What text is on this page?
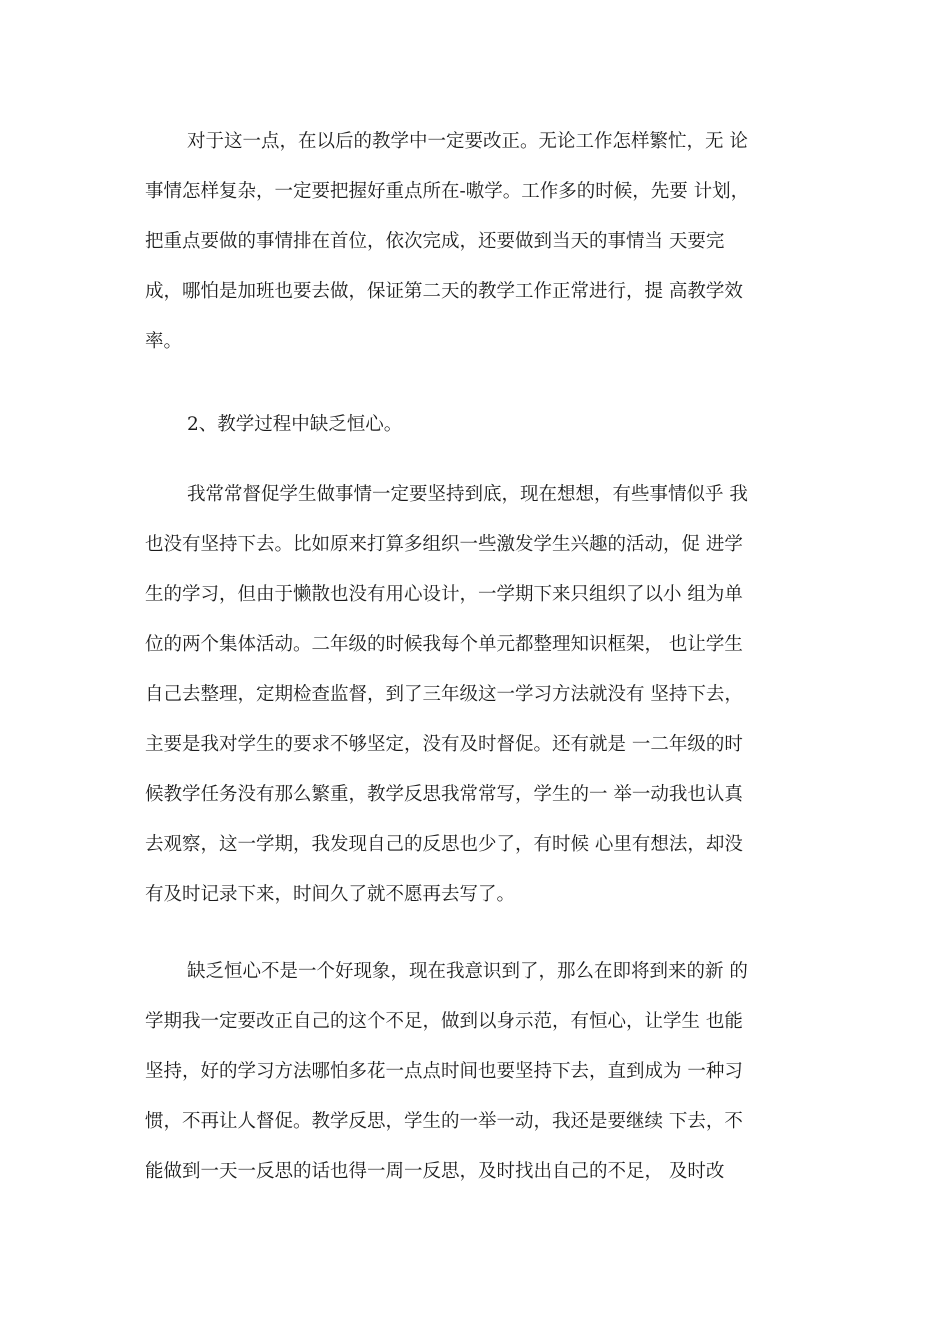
对于这一点，在以后的教学中一定要改正。无论工作怎样繁忙，无 论
事情怎样复杂，一定要把握好重点所在-嗷学。工作多的时候，先要 计划，
把重点要做的事情排在首位，依次完成，还要做到当天的事情当 天要完
成，哪怕是加班也要去做，保证第二天的教学工作正常进行，提 高教学效
率。
2、教学过程中缺乏恒心。
我常常督促学生做事情一定要坚持到底，现在想想，有些事情似乎 我
也没有坚持下去。比如原来打算多组织一些激发学生兴趣的活动，促 进学
生的学习，但由于懒散也没有用心设计，一学期下来只组织了以小 组为单
位的两个集体活动。二年级的时候我每个单元都整理知识框架， 也让学生
自己去整理，定期检查监督，到了三年级这一学习方法就没有 坚持下去，
主要是我对学生的要求不够坚定，没有及时督促。还有就是 一二年级的时
候教学任务没有那么繁重，教学反思我常常写，学生的一 举一动我也认真
去观察，这一学期，我发现自己的反思也少了，有时候 心里有想法，却没
有及时记录下来，时间久了就不愿再去写了。
缺乏恒心不是一个好现象，现在我意识到了，那么在即将到来的新 的
学期我一定要改正自己的这个不足，做到以身示范，有恒心，让学生 也能
坚持，好的学习方法哪怕多花一点点时间也要坚持下去，直到成为 一种习
惯，不再让人督促。教学反思，学生的一举一动，我还是要继续 下去，不
能做到一天一反思的话也得一周一反思，及时找出自己的不足， 及时改
